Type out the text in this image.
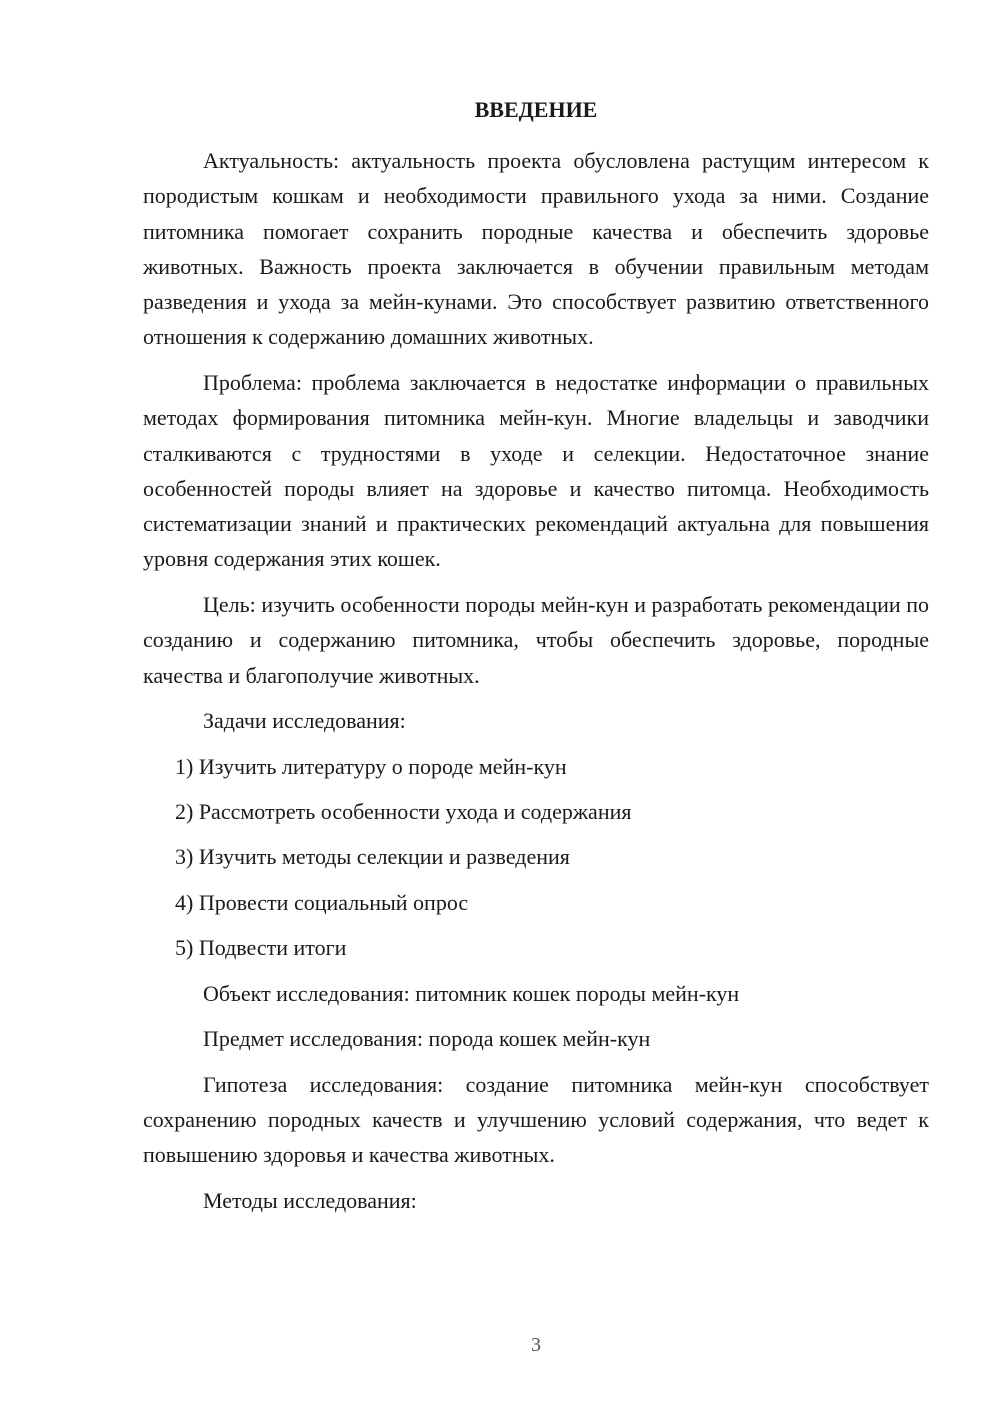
ВВЕДЕНИЕ

Актуальность: актуальность проекта обусловлена растущим интересом к породистым кошкам и необходимости правильного ухода за ними. Создание питомника помогает сохранить породные качества и обеспечить здоровье животных. Важность проекта заключается в обучении правильным методам разведения и ухода за мейн-кунами. Это способствует развитию ответственного отношения к содержанию домашних животных.

Проблема: проблема заключается в недостатке информации о правильных методах формирования питомника мейн-кун. Многие владельцы и заводчики сталкиваются с трудностями в уходе и селекции. Недостаточное знание особенностей породы влияет на здоровье и качество питомца. Необходимость систематизации знаний и практических рекомендаций актуальна для повышения уровня содержания этих кошек.

Цель: изучить особенности породы мейн-кун и разработать рекомендации по созданию и содержанию питомника, чтобы обеспечить здоровье, породные качества и благополучие животных.

Задачи исследования:

1) Изучить литературу о породе мейн-кун

2) Рассмотреть особенности ухода и содержания

3) Изучить методы селекции и разведения

4) Провести социальный опрос

5) Подвести итоги

Объект исследования: питомник кошек породы мейн-кун

Предмет исследования: порода кошек мейн-кун

Гипотеза исследования: создание питомника мейн-кун способствует сохранению породных качеств и улучшению условий содержания, что ведет к повышению здоровья и качества животных.

Методы исследования:

3
